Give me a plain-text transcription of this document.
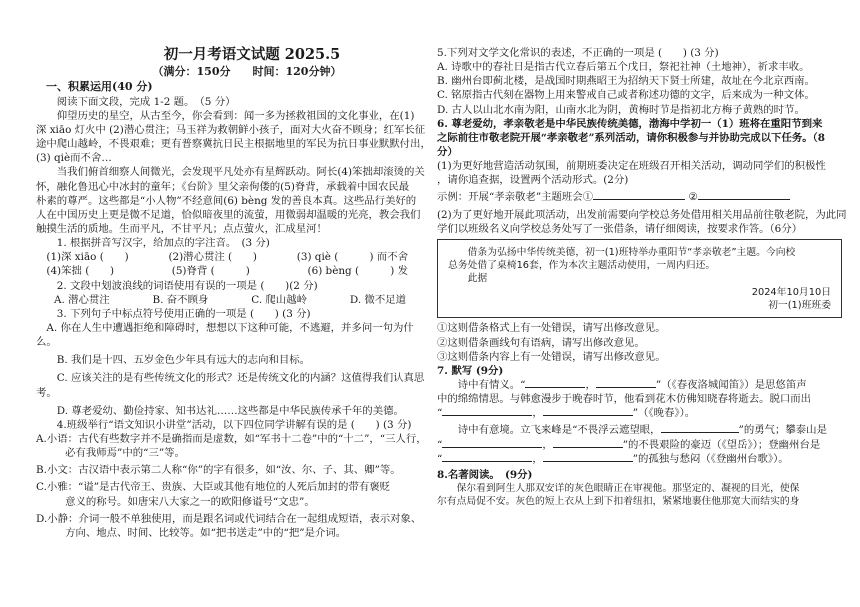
初一月考语文试题 2025.5
（满分：150分　　时间：120分钟）
一、积累运用(40 分)

阅读下面文段，完成 1-2 题。　（5 分）

仰望历史的星空，从古至今，你会看到：闻一多为拯救祖国的文化事业，在(1)

深 xiāo 灯火中 (2)潜心贯注；马玉祥为救朝鲜小孩子，面对大火奋不顾身；红军长征

途中爬山越岭，不畏艰难；更有普察冀抗日民主根据地里的军民为抗日事业默默付出，

(3) qiè而不舍…

当我们俯首细察人间微光，会发现平凡处亦有星辉跃动。阿长(4)笨拙却滚烫的关

怀，融化鲁迅心中冰封的童年；《台阶》里父亲佝偻的(5)脊背，承载着中国农民最

朴素的尊严。这些都是“小人物”不经意间(6) bèng 发的善良本真。这些品行美好的

人在中国历史上更是微不足道，恰似暗夜里的流萤，用微弱却温暖的光亮，教会我们

触摸生活的质地。生而平凡，不甘平凡；点点萤火，汇成星河！

1. 根据拼音写汉字，给加点的字注音。　(3 分)

(1)深 xiāo (　　)	(2)潜心贯注 (　　)	(3) qiè (　　　) 而不舍
(4)笨拙 (　　)	(5)脊背 (　　　)	(6) bèng (　　　) 发

2. 文段中划波浪线的词语使用有误的一项是 (　　)(2 分)

A. 潜心贯注	B. 奋不顾身	C. 爬山越岭	D. 微不足道

3. 下列句子中标点符号使用正确的一项是 (　　) (3 分)

A. 你在人生中遭遇拒绝和障碍时，想想以下这种可能，不逃避，并多问一句为什么。

B. 我们是十四、五岁金色少年具有远大的志向和目标。

C. 应该关注的是有些传统文化的形式？还是传统文化的内涵？这值得我们认真思考。

D. 尊老爱幼、勤俭持家、知书达礼……这些都是中华民族传承千年的美德。

4.班级举行“语文知识小讲堂”活动，以下四位同学讲解有误的是 (　　) (3 分)

A.小语：古代有些数字并不是确指而是虚数，如“军书十二卷”中的“十二”，“三人行，

必有我师焉”中的“三”等。

B.小文：古汉语中表示第二人称“你”的字有很多，如“汝、尔、子、其、卿”等。

C.小雅：“谥”是古代帝王、贵族、大臣或其他有地位的人死后加封的带有褒贬

意义的称号。如唐宋八大家之一的欧阳修谥号“文忠”。

D.小静：介词一般不单独使用，而是跟名词或代词结合在一起组成短语，表示对象、

方向、地点、时间、比较等。如“把书送走”中的“把”是介词。

5.下列对文学文化常识的表述，不正确的一项是 (　　) (3 分)

A. 诗歌中的春社日是指古代立春后第五个戊日，祭祀社神（土地神），祈求丰收。

B. 幽州台即蓟北楼，是战国时期燕昭王为招纳天下贤士所建，故址在今北京西南。

C. 铭原指古代刻在器物上用来警戒自己或者称述功德的文字，后来成为一种文体。

D. 古人以山北水南为阳，山南水北为阴，黄梅时节是指初北方梅子黄熟的时节。

6. 尊老爱幼，孝亲敬老是中华民族传统美德，渤海中学初一（1）班将在重阳节到来

之际前往市敬老院开展“孝亲敬老”系列活动，请你积极参与并协助完成以下任务。（8

分）

(1)为更好地营造活动氛围，前期班委决定在班级召开相关活动，调动同学们的积极性

，请你追查据，设置两个活动形式。(2分)

示例：开展“孝亲敬老”主题班会①	②

(2)为了更好地开展此项活动，出发前需要向学校总务处借用相关用品前往敬老院，为此同

学们以班级名义向学校总务处写了一张借条，请仔细阅读，按要求作答。（6分）

借条为弘扬中华传统美德，初一(1)班特举办重阳节“孝亲敬老”主题。今向校

总务处借了桌椅16套，作为本次主题活动使用，一周内归还。

此据

2024年10月10日

初一(1)班班委

①这则借条格式上有一处错误，请写出修改意见。

②这则借条画线句有语病，请写出修改意见。

③这则借条内容上有一处错误，请写出修改意见。

7. 默写 (9分)

诗中有情义。“	，	”（《春夜洛城闻笛》）是思悠笛声

中的绵绵情思。与韩愈漫步于晚春时节，他看到花木仿佛知晓春将逝去。脱口而出

“	，	”（《晚春》）。

诗中有意境。立飞来峰是“不畏浮云遮望眼，	”的勇气；攀泰山是

“	，	”的不畏艰险的豪迈（《望岳》）；登幽州台是

“	，	”的孤独与愁闷（《登幽州台歌》）。

8.名著阅读。　(9分)

保尔看到阿生人那双安详的灰色眼睛正在审视他。那坚定的、凝视的目光，使保

尔有点局促不安。灰色的短上衣从上到下扣着纽扣，紧紧地裹住他那宽大而结实的身
